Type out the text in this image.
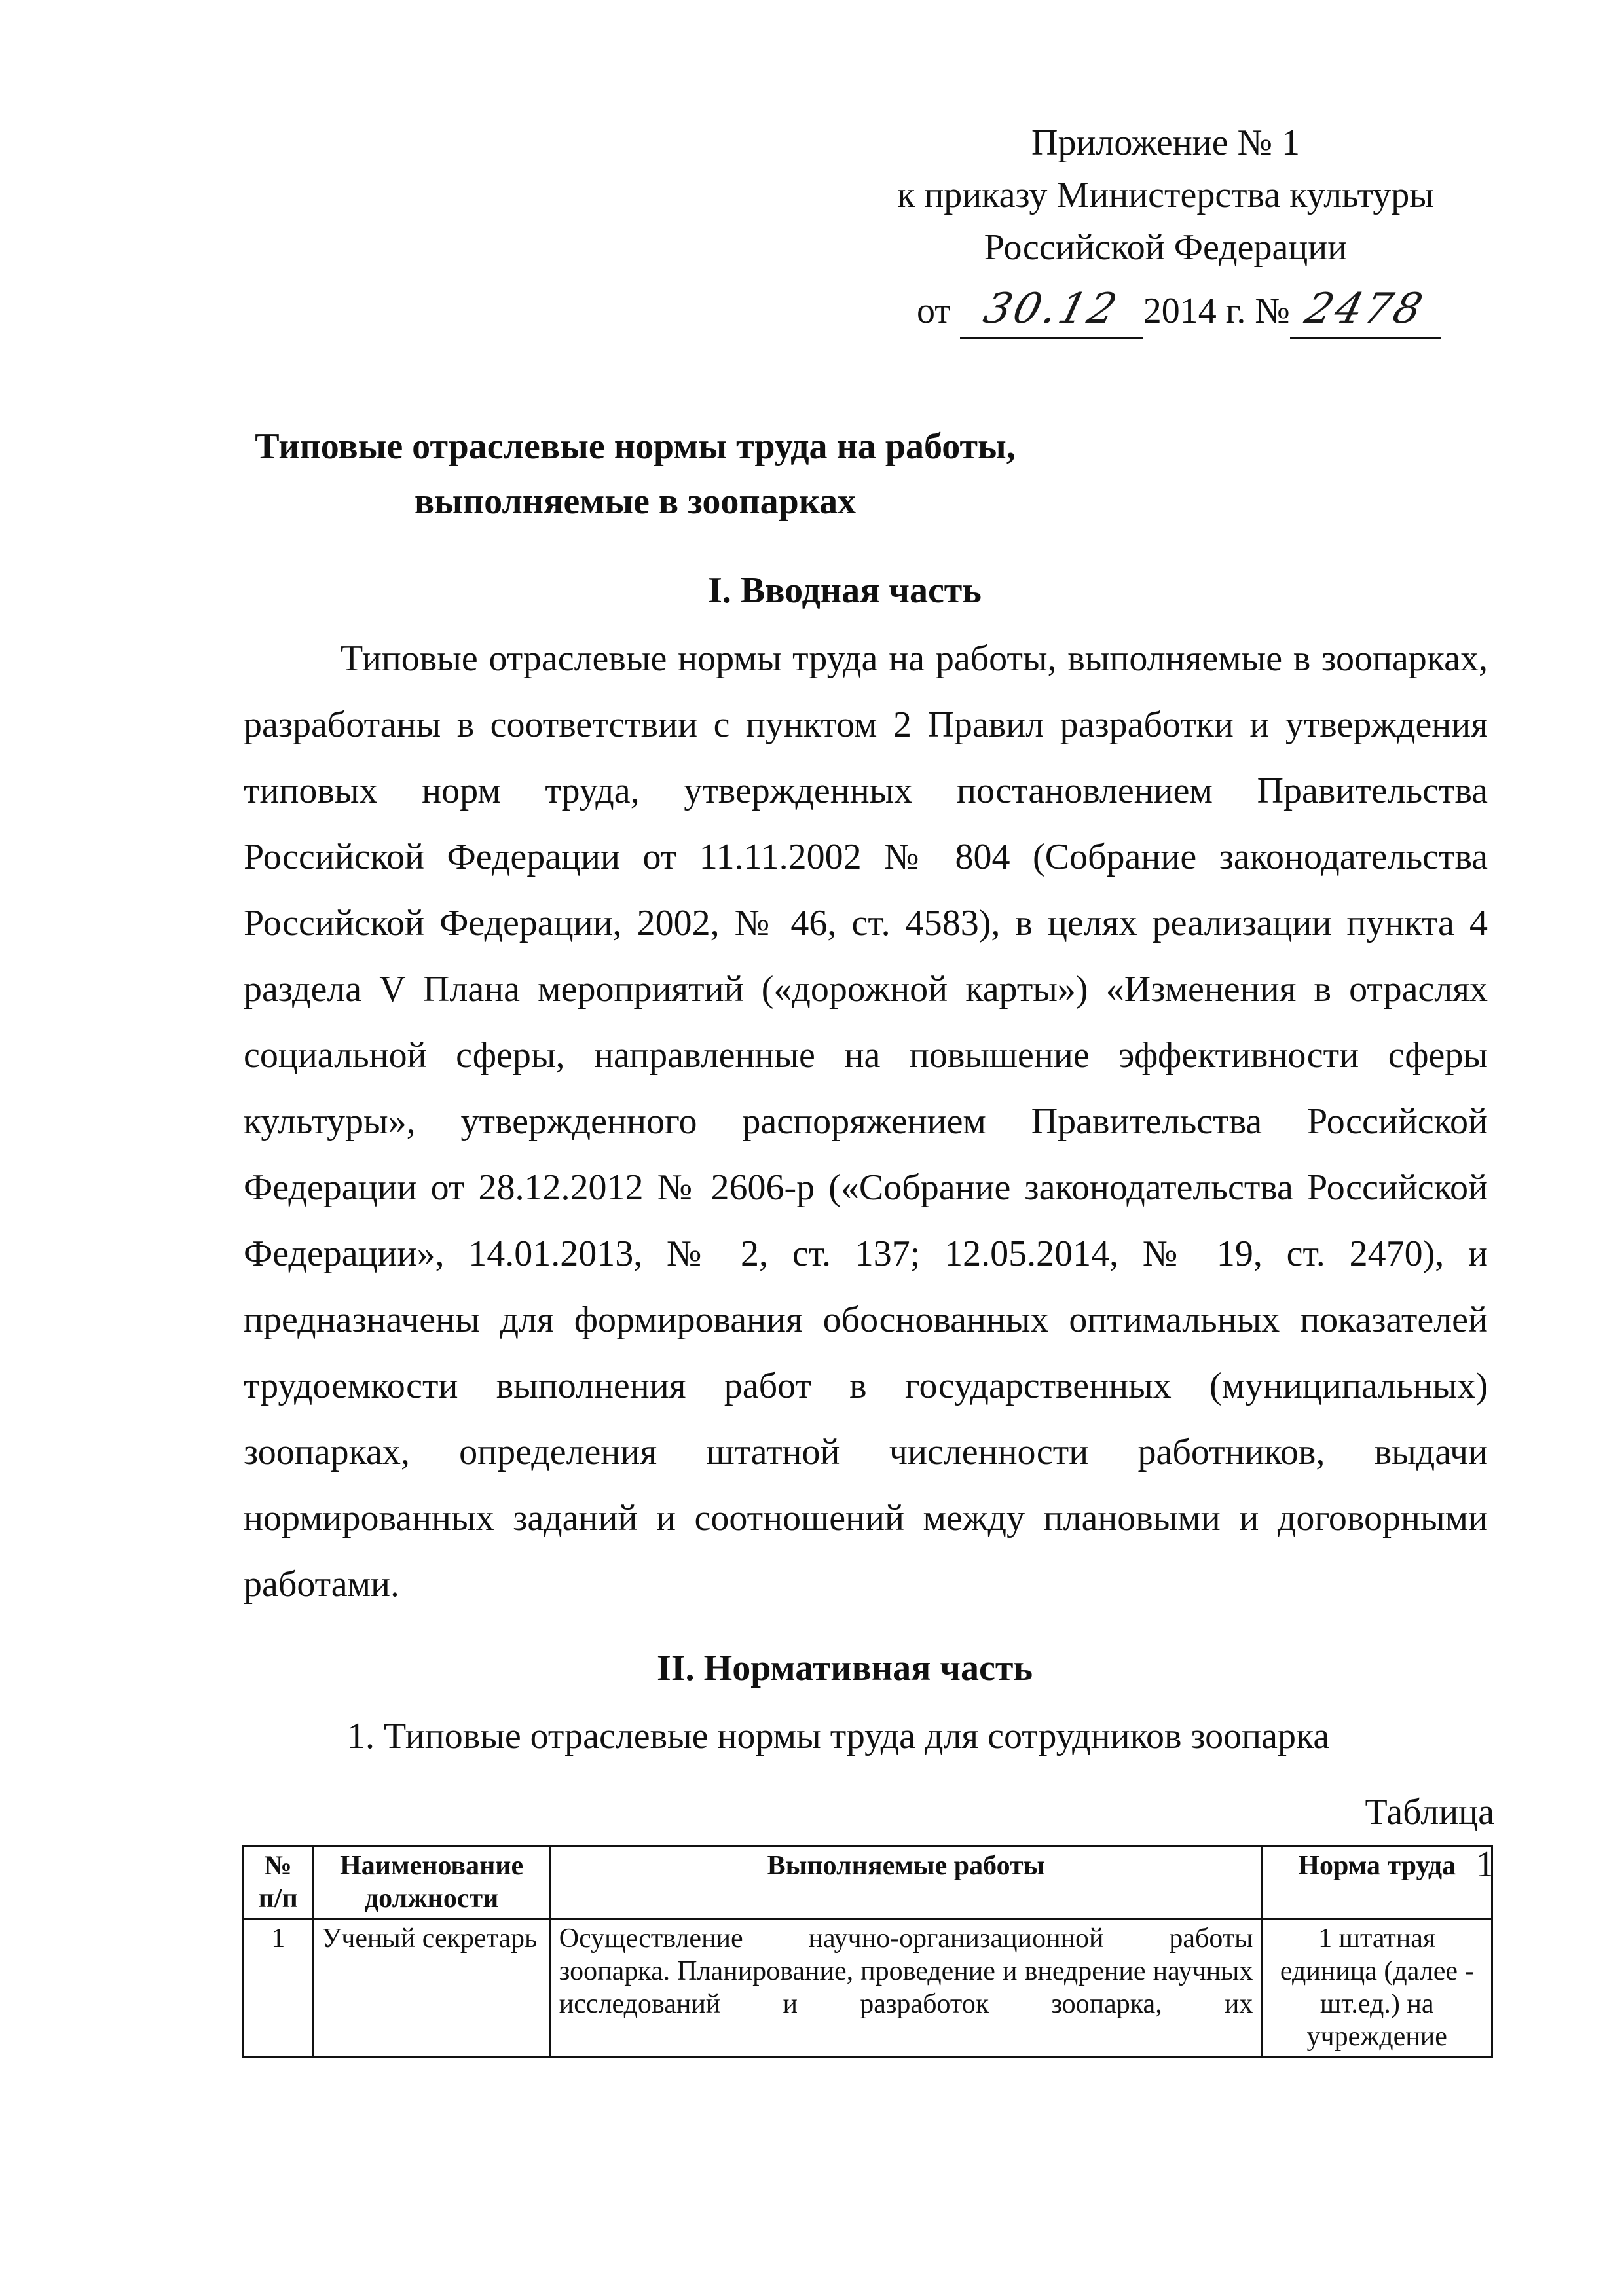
Приложение № 1
к приказу Министерства культуры
Российской Федерации
от 30.12 2014 г. № 2478
Типовые отраслевые нормы труда на работы,
выполняемые в зоопарках
I. Вводная часть

Типовые отраслевые нормы труда на работы, выполняемые в зоопарках, разработаны в соответствии с пунктом 2 Правил разработки и утверждения типовых норм труда, утвержденных постановлением Правительства Российской Федерации от 11.11.2002 № 804 (Собрание законодательства Российской Федерации, 2002, № 46, ст. 4583), в целях реализации пункта 4 раздела V Плана мероприятий («дорожной карты») «Изменения в отраслях социальной сферы, направленные на повышение эффективности сферы культуры», утвержденного распоряжением Правительства Российской Федерации от 28.12.2012 № 2606-р («Собрание законодательства Российской Федерации», 14.01.2013, № 2, ст. 137; 12.05.2014, № 19, ст. 2470), и предназначены для формирования обоснованных оптимальных показателей трудоемкости выполнения работ в государственных (муниципальных) зоопарках, определения штатной численности работников, выдачи нормированных заданий и соотношений между плановыми и договорными работами.

II. Нормативная часть
1. Типовые отраслевые нормы труда для сотрудников зоопарка
Таблица 1
№ п/п	Наименование должности	Выполняемые работы	Норма труда
1	Ученый секретарь	Осуществление научно-организационной работы зоопарка. Планирование, проведение и внедрение научных исследований и разработок зоопарка, их	1 штатная единица (далее - шт.ед.) на учреждение
